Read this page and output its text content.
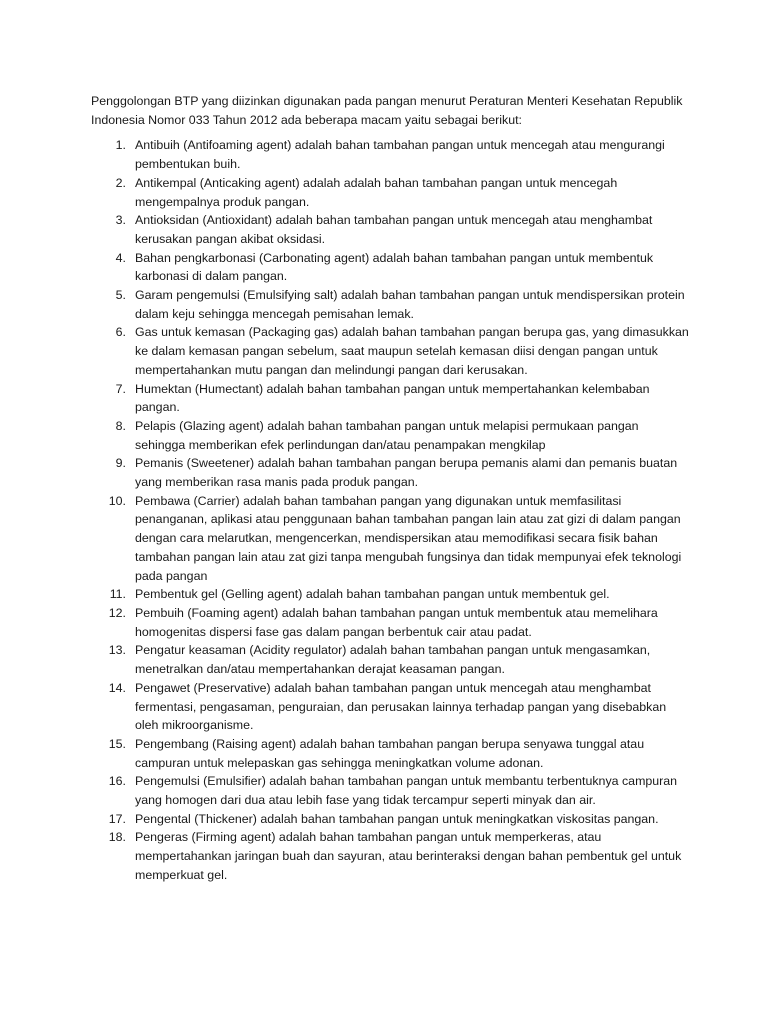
Penggolongan BTP yang diizinkan digunakan pada pangan menurut Peraturan Menteri Kesehatan Republik Indonesia Nomor 033 Tahun 2012 ada beberapa macam yaitu sebagai berikut:

1. Antibuih (Antifoaming agent) adalah bahan tambahan pangan untuk mencegah atau mengurangi pembentukan buih.
2. Antikempal (Anticaking agent) adalah adalah bahan tambahan pangan untuk mencegah mengempalnya produk pangan.
3. Antioksidan (Antioxidant) adalah bahan tambahan pangan untuk mencegah atau menghambat kerusakan pangan akibat oksidasi.
4. Bahan pengkarbonasi (Carbonating agent) adalah bahan tambahan pangan untuk membentuk karbonasi di dalam pangan.
5. Garam pengemulsi (Emulsifying salt) adalah bahan tambahan pangan untuk mendispersikan protein dalam keju sehingga mencegah pemisahan lemak.
6. Gas untuk kemasan (Packaging gas) adalah bahan tambahan pangan berupa gas, yang dimasukkan ke dalam kemasan pangan sebelum, saat maupun setelah kemasan diisi dengan pangan untuk mempertahankan mutu pangan dan melindungi pangan dari kerusakan.
7. Humektan (Humectant) adalah bahan tambahan pangan untuk mempertahankan kelembaban pangan.
8. Pelapis (Glazing agent) adalah bahan tambahan pangan untuk melapisi permukaan pangan sehingga memberikan efek perlindungan dan/atau penampakan mengkilap
9. Pemanis (Sweetener) adalah bahan tambahan pangan berupa pemanis alami dan pemanis buatan yang memberikan rasa manis pada produk pangan.
10. Pembawa (Carrier) adalah bahan tambahan pangan yang digunakan untuk memfasilitasi penanganan, aplikasi atau penggunaan bahan tambahan pangan lain atau zat gizi di dalam pangan dengan cara melarutkan, mengencerkan, mendispersikan atau memodifikasi secara fisik bahan tambahan pangan lain atau zat gizi tanpa mengubah fungsinya dan tidak mempunyai efek teknologi pada pangan
11. Pembentuk gel (Gelling agent) adalah bahan tambahan pangan untuk membentuk gel.
12. Pembuih (Foaming agent) adalah bahan tambahan pangan untuk membentuk atau memelihara homogenitas dispersi fase gas dalam pangan berbentuk cair atau padat.
13. Pengatur keasaman (Acidity regulator) adalah bahan tambahan pangan untuk mengasamkan, menetralkan dan/atau mempertahankan derajat keasaman pangan.
14. Pengawet (Preservative) adalah bahan tambahan pangan untuk mencegah atau menghambat fermentasi, pengasaman, penguraian, dan perusakan lainnya terhadap pangan yang disebabkan oleh mikroorganisme.
15. Pengembang (Raising agent) adalah bahan tambahan pangan berupa senyawa tunggal atau campuran untuk melepaskan gas sehingga meningkatkan volume adonan.
16. Pengemulsi (Emulsifier) adalah bahan tambahan pangan untuk membantu terbentuknya campuran yang homogen dari dua atau lebih fase yang tidak tercampur seperti minyak dan air.
17. Pengental (Thickener) adalah bahan tambahan pangan untuk meningkatkan viskositas pangan.
18. Pengeras (Firming agent) adalah bahan tambahan pangan untuk memperkeras, atau mempertahankan jaringan buah dan sayuran, atau berinteraksi dengan bahan pembentuk gel untuk memperkuat gel.
